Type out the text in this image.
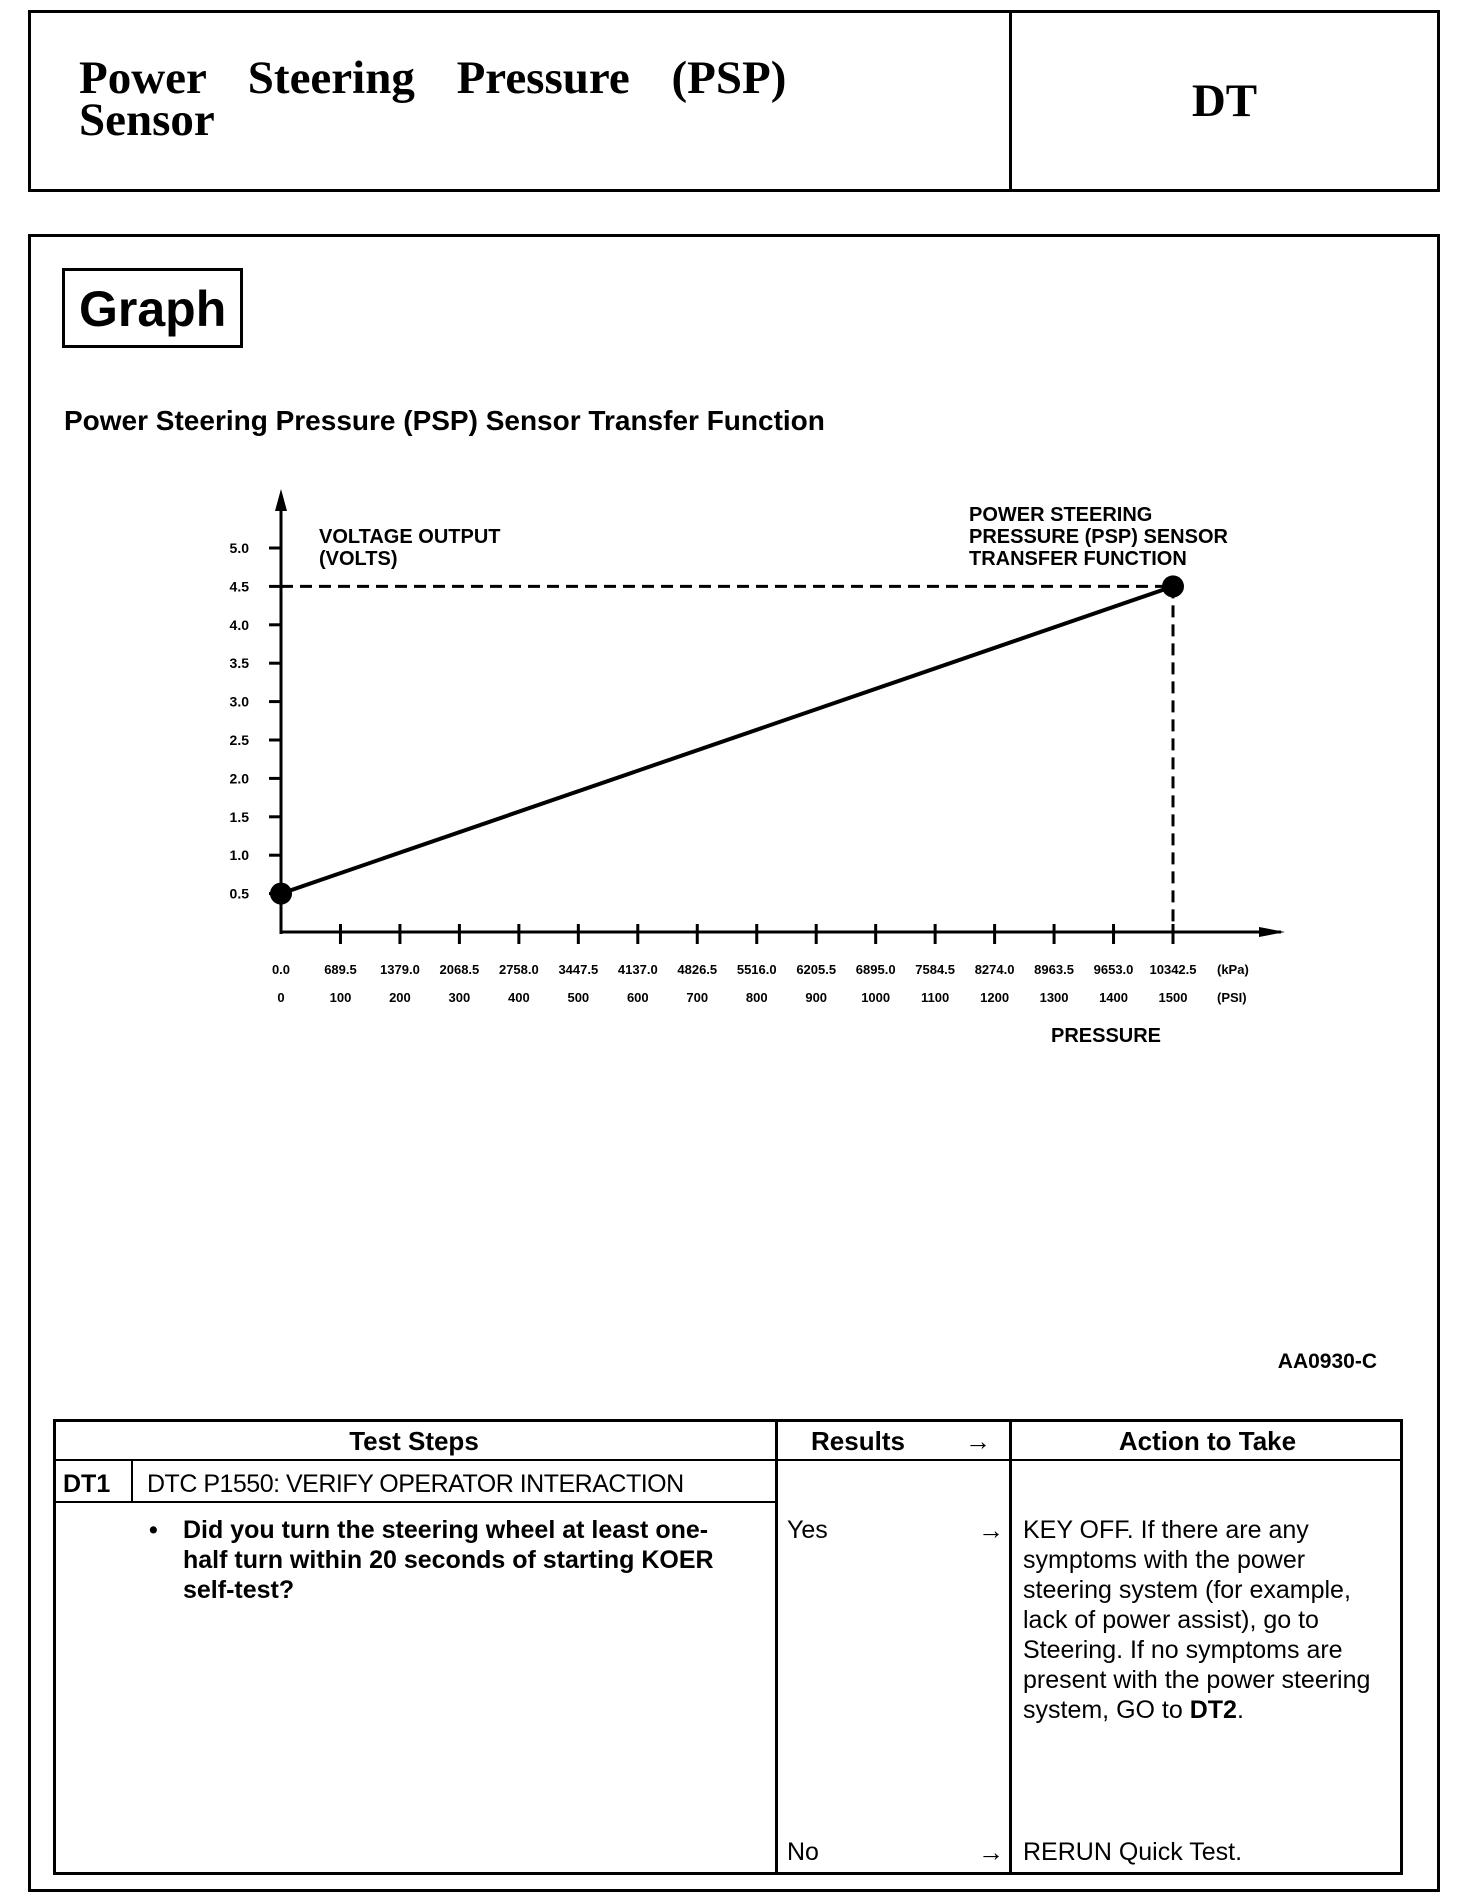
Power Steering Pressure (PSP)
Sensor	DT
Graph
Power Steering Pressure (PSP) Sensor Transfer Function
5.0
4.5
4.0
3.5
3.0
2.5
2.0
1.5
1.0
0.5
0.0
0
689.5
100
1379.0
200
2068.5
300
2758.0
400
3447.5
500
4137.0
600
4826.5
700
5516.0
800
6205.5
900
6895.0
1000
7584.5
1100
8274.0
1200
8963.5
1300
9653.0
1400
10342.5
1500
(kPa)
(PSI)
VOLTAGE OUTPUT
(VOLTS)
POWER STEERING
PRESSURE (PSP) SENSOR
TRANSFER FUNCTION
PRESSURE
AA0930-C
Test Steps	Results	→	Action to Take
DT1 DTC P1550: VERIFY OPERATOR INTERACTION
• Did you turn the steering wheel at least one-half turn within 20 seconds of starting KOER self-test?
Yes	→ KEY OFF. If there are any symptoms with the power steering system (for example, lack of power assist), go to Steering. If no symptoms are present with the power steering system, GO to DT2.
No	→ RERUN Quick Test.
